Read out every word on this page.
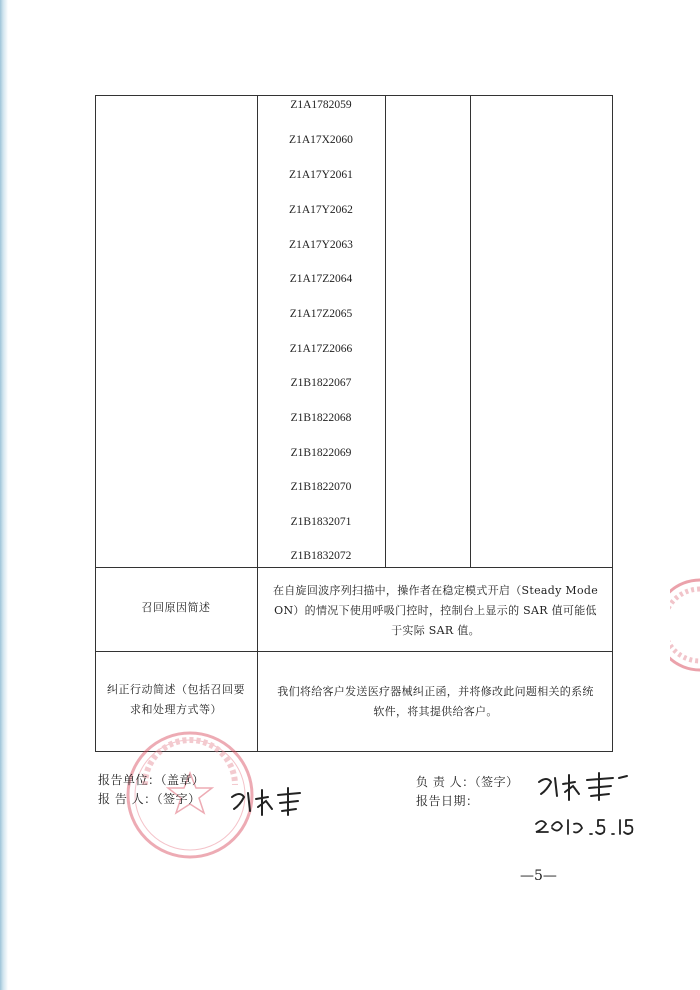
Z1A1782059
Z1A17X2060
Z1A17Y2061
Z1A17Y2062
Z1A17Y2063
Z1A17Z2064
Z1A17Z2065
Z1A17Z2066
Z1B1822067
Z1B1822068
Z1B1822069
Z1B1822070
Z1B1832071
Z1B1832072
召回原因简述
在自旋回波序列扫描中，操作者在稳定模式开启（Steady Mode
ON）的情况下使用呼吸门控时，控制台上显示的 SAR 值可能低
于实际 SAR 值。
纠正行动简述（包括召回要
求和处理方式等）
我们将给客户发送医疗器械纠正函，并将修改此问题相关的系统
软件，将其提供给客户。
报告单位：（盖章）
报 告 人：（签字）
负 责 人：（签字）
报告日期：
—5—
